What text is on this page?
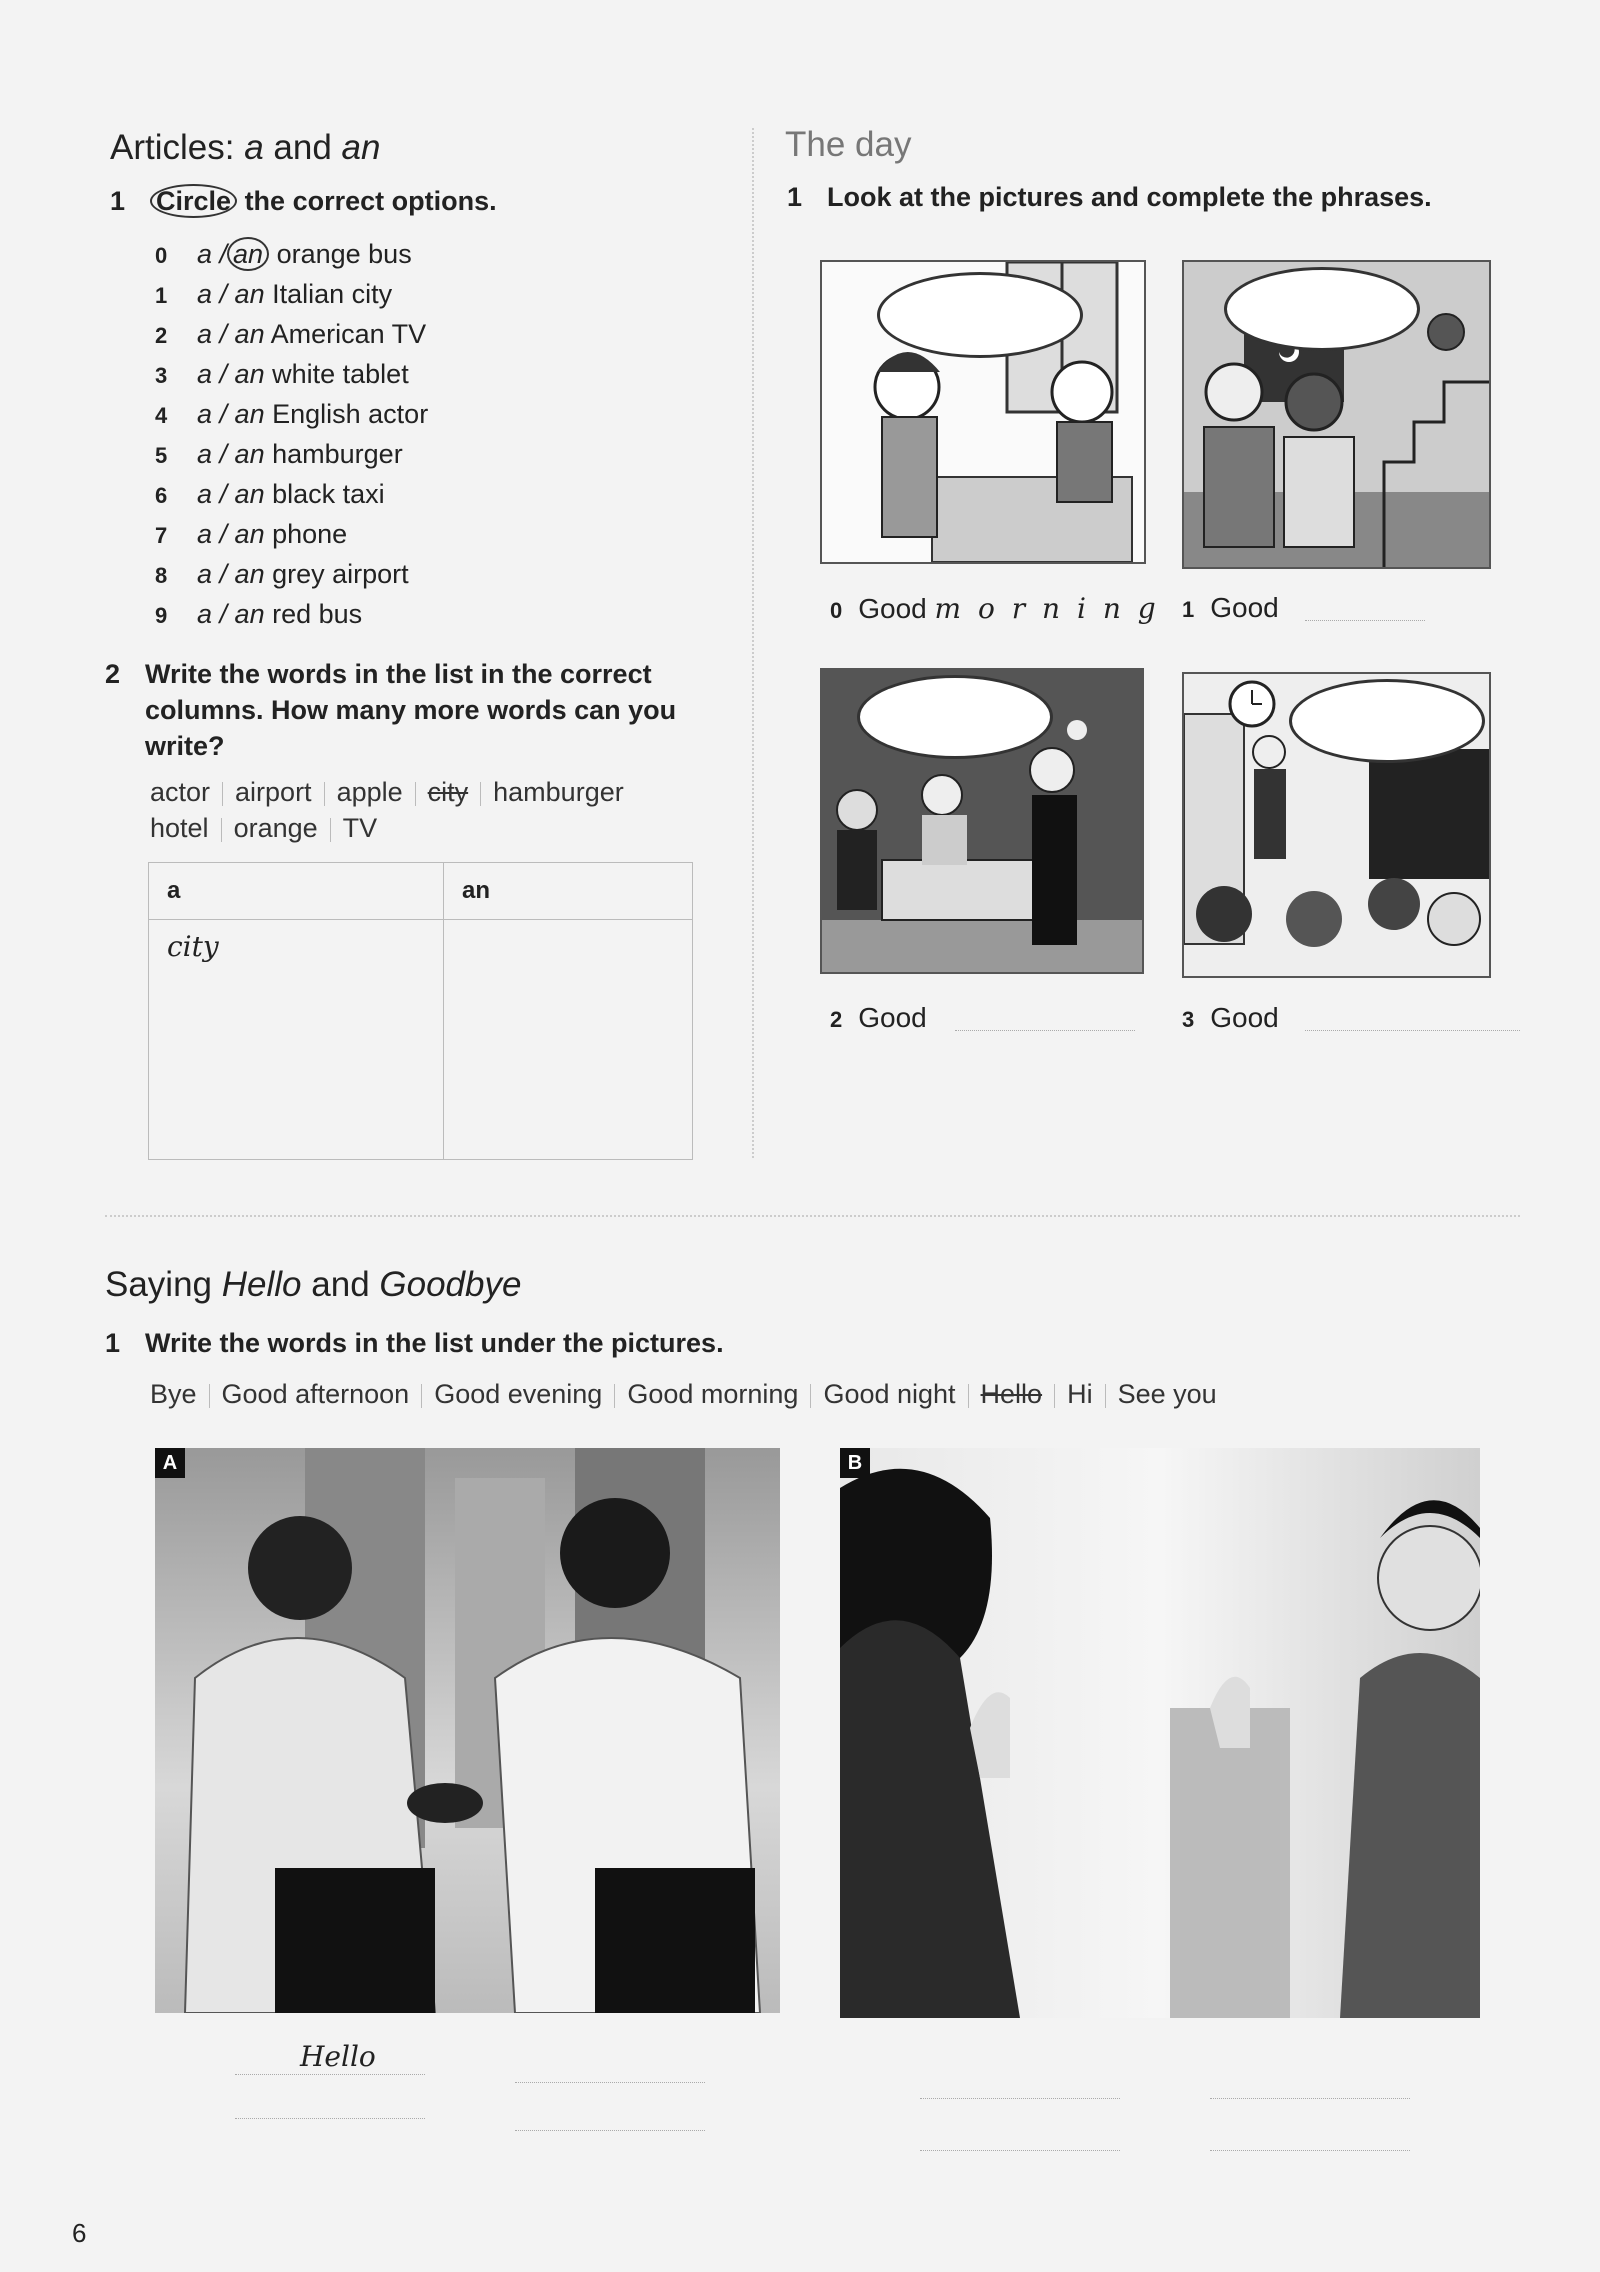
Articles: a and an
1 Circle the correct options.
0 a / an orange bus
1 a / an Italian city
2 a / an American TV
3 a / an white tablet
4 a / an English actor
5 a / an hamburger
6 a / an black taxi
7 a / an phone
8 a / an grey airport
9 a / an red bus
2 Write the words in the list in the correct columns. How many more words can you write?
actor airport apple city hamburger
hotel orange TV
a	an
city	
The day
1 Look at the pictures and complete the phrases.
0 Good m o r n i n g 1 Good
2 Good	3 Good
Saying Hello and Goodbye
1 Write the words in the list under the pictures.
Bye Good afternoon Good evening Good morning Good night Hello Hi See you
A	B
Hello
6
